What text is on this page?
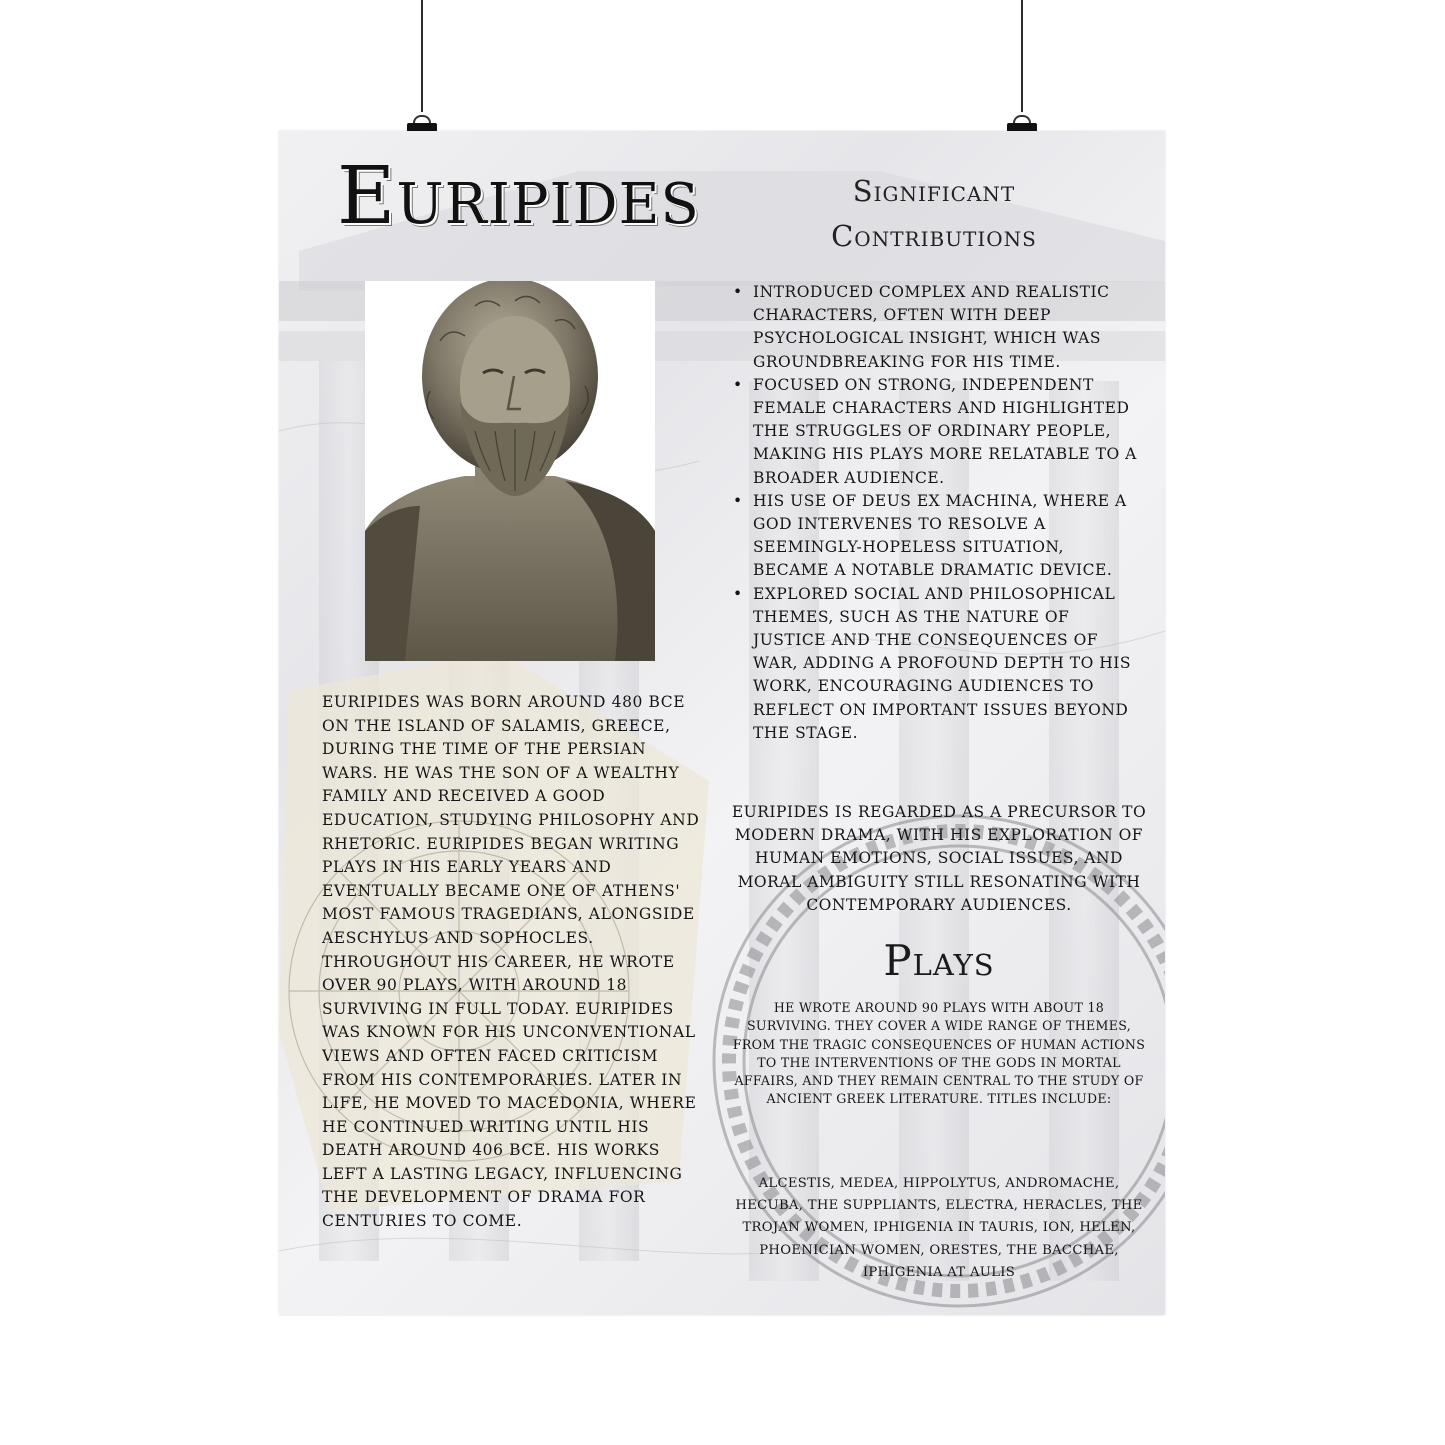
Euripides

EURIPIDES WAS BORN AROUND 480 BCE ON THE ISLAND OF SALAMIS, GREECE, DURING THE TIME OF THE PERSIAN WARS. HE WAS THE SON OF A WEALTHY FAMILY AND RECEIVED A GOOD EDUCATION, STUDYING PHILOSOPHY AND RHETORIC. EURIPIDES BEGAN WRITING PLAYS IN HIS EARLY YEARS AND EVENTUALLY BECAME ONE OF ATHENS' MOST FAMOUS TRAGEDIANS, ALONGSIDE AESCHYLUS AND SOPHOCLES. THROUGHOUT HIS CAREER, HE WROTE OVER 90 PLAYS, WITH AROUND 18 SURVIVING IN FULL TODAY. EURIPIDES WAS KNOWN FOR HIS UNCONVENTIONAL VIEWS AND OFTEN FACED CRITICISM FROM HIS CONTEMPORARIES. LATER IN LIFE, HE MOVED TO MACEDONIA, WHERE HE CONTINUED WRITING UNTIL HIS DEATH AROUND 406 BCE. HIS WORKS LEFT A LASTING LEGACY, INFLUENCING THE DEVELOPMENT OF DRAMA FOR CENTURIES TO COME.

Significant Contributions
• INTRODUCED COMPLEX AND REALISTIC CHARACTERS, OFTEN WITH DEEP PSYCHOLOGICAL INSIGHT, WHICH WAS GROUNDBREAKING FOR HIS TIME.
• FOCUSED ON STRONG, INDEPENDENT FEMALE CHARACTERS AND HIGHLIGHTED THE STRUGGLES OF ORDINARY PEOPLE, MAKING HIS PLAYS MORE RELATABLE TO A BROADER AUDIENCE.
• HIS USE OF DEUS EX MACHINA, WHERE A GOD INTERVENES TO RESOLVE A SEEMINGLY-HOPELESS SITUATION, BECAME A NOTABLE DRAMATIC DEVICE.
• EXPLORED SOCIAL AND PHILOSOPHICAL THEMES, SUCH AS THE NATURE OF JUSTICE AND THE CONSEQUENCES OF WAR, ADDING A PROFOUND DEPTH TO HIS WORK, ENCOURAGING AUDIENCES TO REFLECT ON IMPORTANT ISSUES BEYOND THE STAGE.

EURIPIDES IS REGARDED AS A PRECURSOR TO MODERN DRAMA, WITH HIS EXPLORATION OF HUMAN EMOTIONS, SOCIAL ISSUES, AND MORAL AMBIGUITY STILL RESONATING WITH CONTEMPORARY AUDIENCES.

Plays

HE WROTE AROUND 90 PLAYS WITH ABOUT 18 SURVIVING. THEY COVER A WIDE RANGE OF THEMES, FROM THE TRAGIC CONSEQUENCES OF HUMAN ACTIONS TO THE INTERVENTIONS OF THE GODS IN MORTAL AFFAIRS, AND THEY REMAIN CENTRAL TO THE STUDY OF ANCIENT GREEK LITERATURE. TITLES INCLUDE:

ALCESTIS, MEDEA, HIPPOLYTUS, ANDROMACHE, HECUBA, THE SUPPLIANTS, ELECTRA, HERACLES, THE TROJAN WOMEN, IPHIGENIA IN TAURIS, ION, HELEN, PHOENICIAN WOMEN, ORESTES, THE BACCHAE, IPHIGENIA AT AULIS
